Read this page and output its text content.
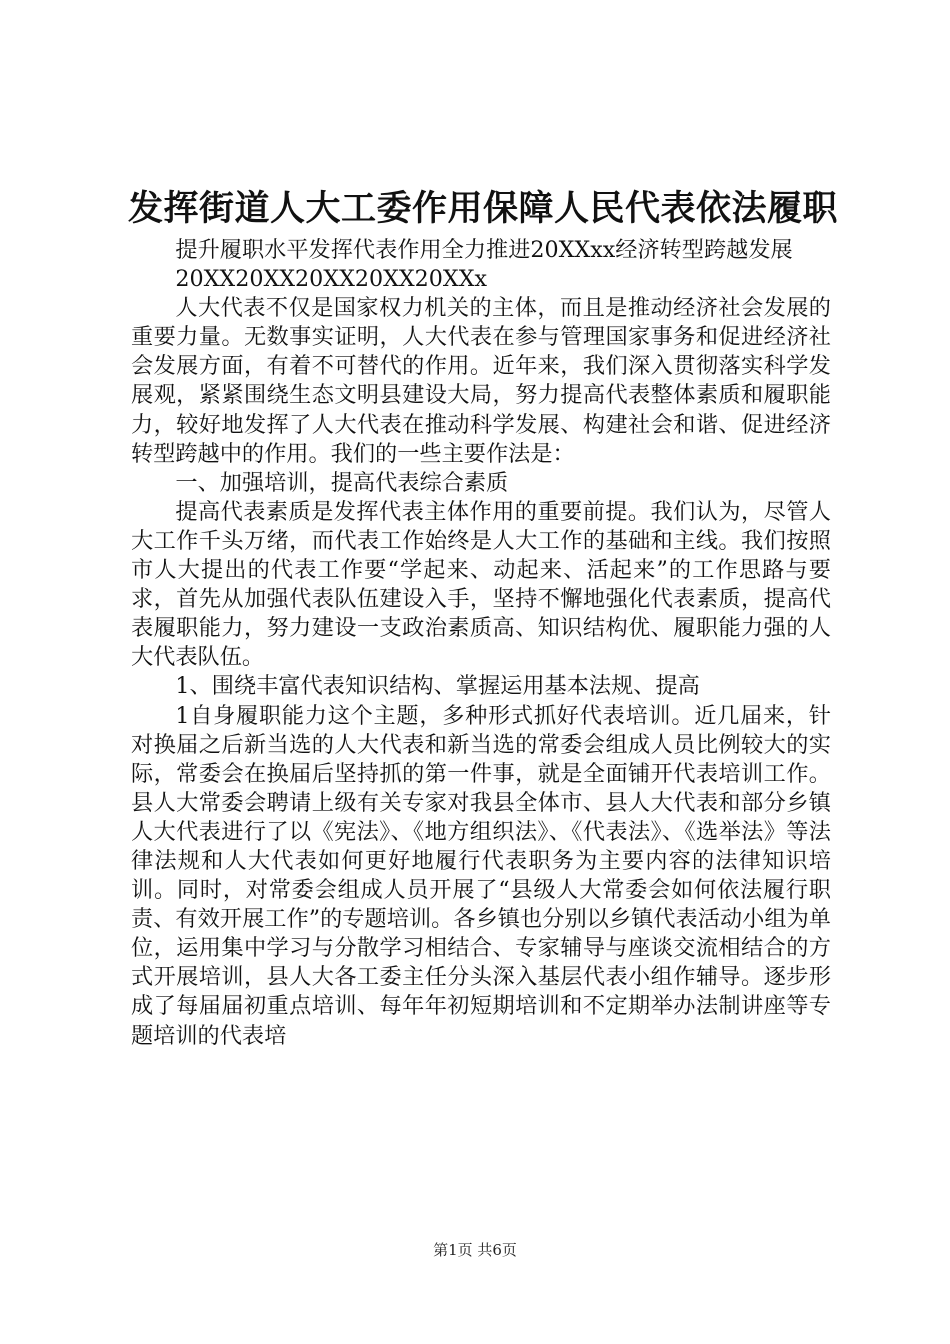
发挥街道人大工委作用保障人民代表依法履职

提升履职水平发挥代表作用全力推进20XXxx经济转型跨越发展

20XX20XX20XX20XX20XXx

人大代表不仅是国家权力机关的主体，而且是推动经济社会发展的重要力量。无数事实证明，人大代表在参与管理国家事务和促进经济社会发展方面，有着不可替代的作用。近年来，我们深入贯彻落实科学发展观，紧紧围绕生态文明县建设大局，努力提高代表整体素质和履职能力，较好地发挥了人大代表在推动科学发展、构建社会和谐、促进经济转型跨越中的作用。我们的一些主要作法是：

一、加强培训，提高代表综合素质

提高代表素质是发挥代表主体作用的重要前提。我们认为，尽管人大工作千头万绪，而代表工作始终是人大工作的基础和主线。我们按照市人大提出的代表工作要“学起来、动起来、活起来”的工作思路与要求，首先从加强代表队伍建设入手，坚持不懈地强化代表素质，提高代表履职能力，努力建设一支政治素质高、知识结构优、履职能力强的人大代表队伍。

1、围绕丰富代表知识结构、掌握运用基本法规、提高

1自身履职能力这个主题，多种形式抓好代表培训。近几届来，针对换届之后新当选的人大代表和新当选的常委会组成人员比例较大的实际，常委会在换届后坚持抓的第一件事，就是全面铺开代表培训工作。县人大常委会聘请上级有关专家对我县全体市、县人大代表和部分乡镇人大代表进行了以《宪法》、《地方组织法》、《代表法》、《选举法》等法律法规和人大代表如何更好地履行代表职务为主要内容的法律知识培训。同时，对常委会组成人员开展了“县级人大常委会如何依法履行职责、有效开展工作”的专题培训。各乡镇也分别以乡镇代表活动小组为单位，运用集中学习与分散学习相结合、专家辅导与座谈交流相结合的方式开展培训，县人大各工委主任分头深入基层代表小组作辅导。逐步形成了每届届初重点培训、每年年初短期培训和不定期举办法制讲座等专题培训的代表培

第1页 共6页
